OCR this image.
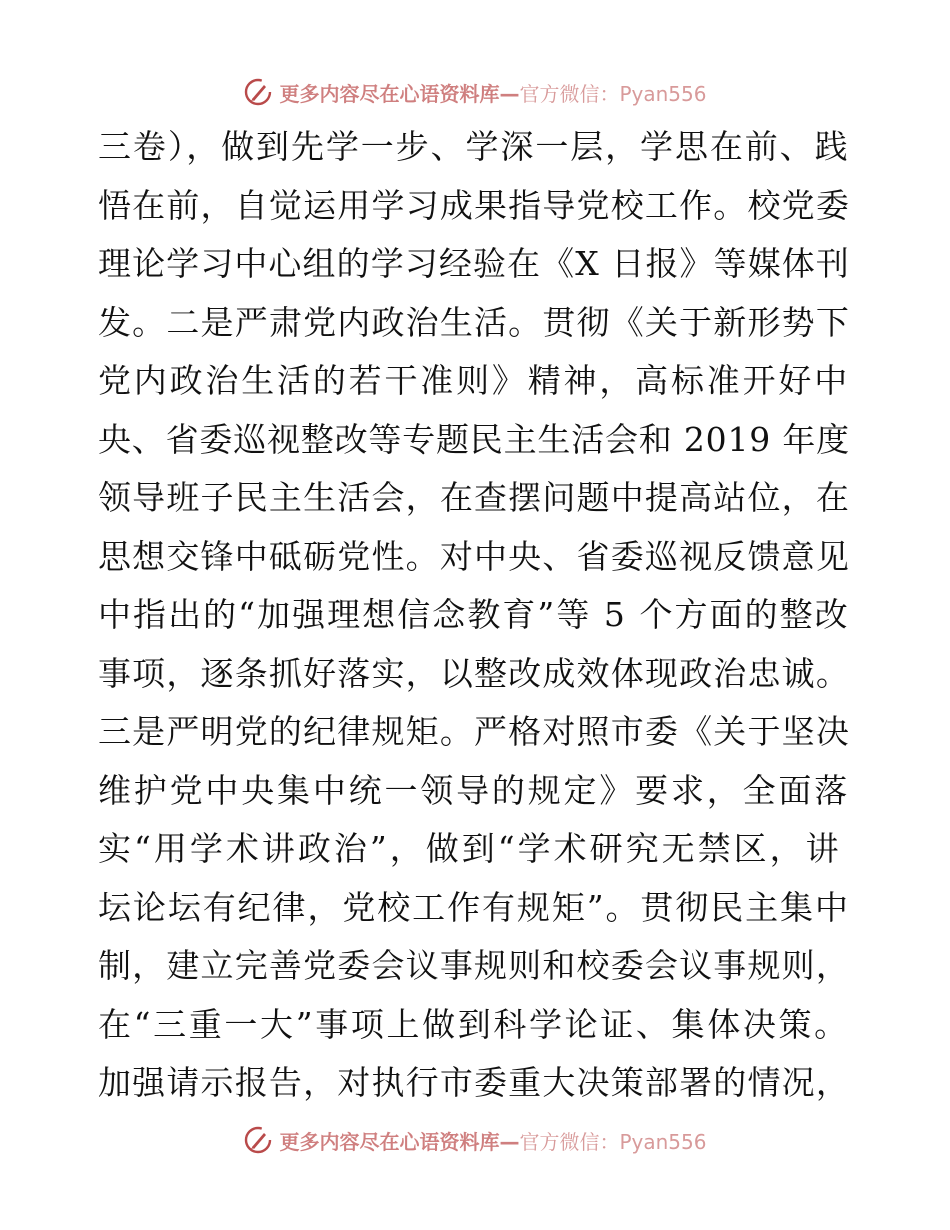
更多内容尽在心语资料库—官方微信：Pyan556
三卷），做到先学一步、学深一层，学思在前、践
悟在前，自觉运用学习成果指导党校工作。校党委
理论学习中心组的学习经验在《X 日报》等媒体刊
发。二是严肃党内政治生活。贯彻《关于新形势下
党内政治生活的若干准则》精神，高标准开好中
央、省委巡视整改等专题民主生活会和 2019 年度
领导班子民主生活会，在查摆问题中提高站位，在
思想交锋中砥砺党性。对中央、省委巡视反馈意见
中指出的“加强理想信念教育”等 5 个方面的整改
事项，逐条抓好落实，以整改成效体现政治忠诚。
三是严明党的纪律规矩。严格对照市委《关于坚决
维护党中央集中统一领导的规定》要求，全面落
实“用学术讲政治”，做到“学术研究无禁区，讲
坛论坛有纪律，党校工作有规矩”。贯彻民主集中
制，建立完善党委会议事规则和校委会议事规则，
在“三重一大”事项上做到科学论证、集体决策。
加强请示报告，对执行市委重大决策部署的情况，
更多内容尽在心语资料库—官方微信：Pyan556
